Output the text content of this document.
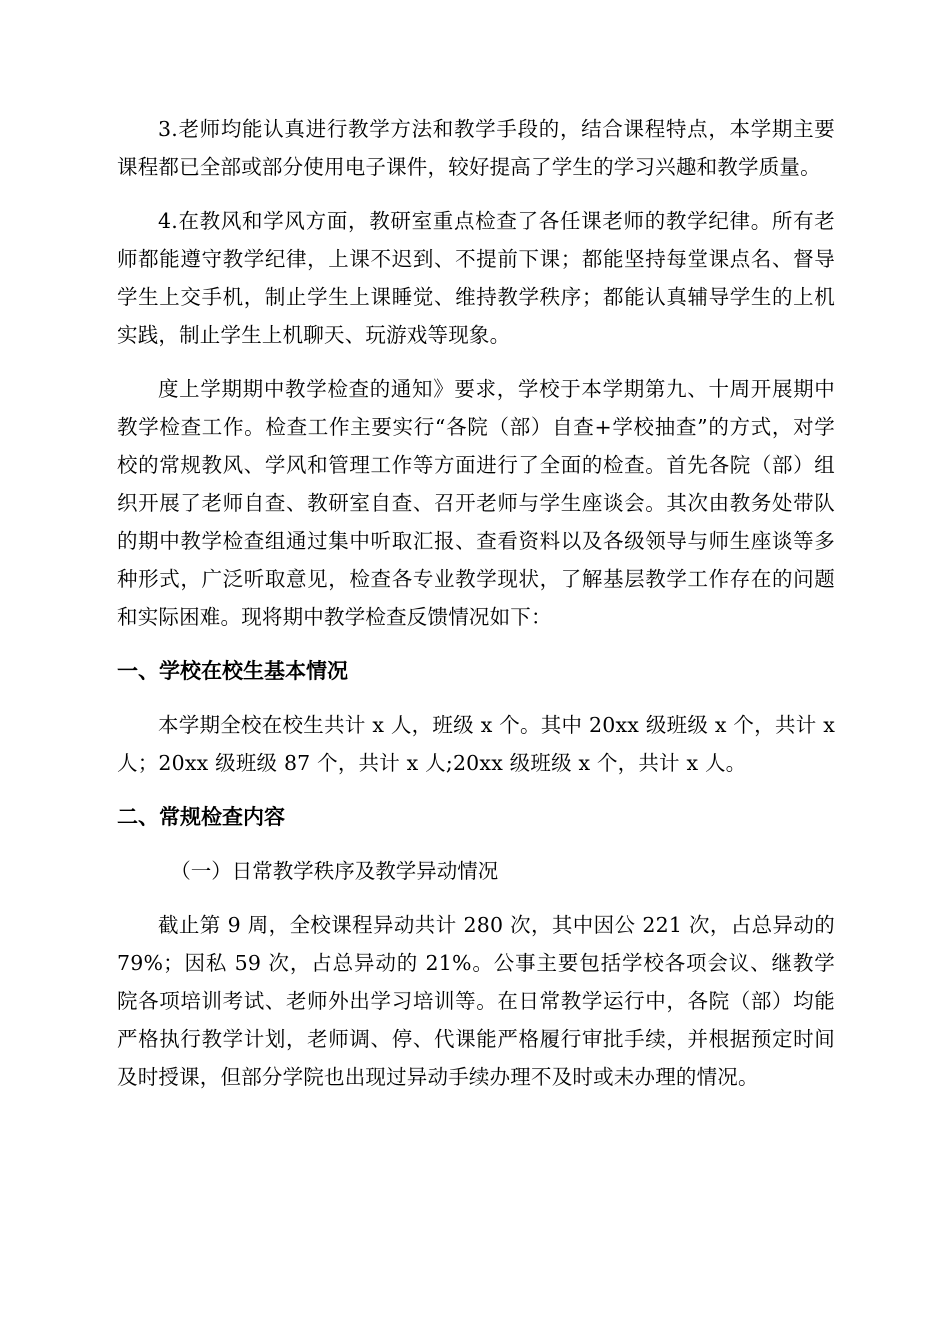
3.老师均能认真进行教学方法和教学手段的，结合课程特点，本学期主要课程都已全部或部分使用电子课件，较好提高了学生的学习兴趣和教学质量。

4.在教风和学风方面，教研室重点检查了各任课老师的教学纪律。所有老师都能遵守教学纪律，上课不迟到、不提前下课；都能坚持每堂课点名、督导学生上交手机，制止学生上课睡觉、维持教学秩序；都能认真辅导学生的上机实践，制止学生上机聊天、玩游戏等现象。

度上学期期中教学检查的通知》要求，学校于本学期第九、十周开展期中教学检查工作。检查工作主要实行“各院（部）自查+学校抽查”的方式，对学校的常规教风、学风和管理工作等方面进行了全面的检查。首先各院（部）组织开展了老师自查、教研室自查、召开老师与学生座谈会。其次由教务处带队的期中教学检查组通过集中听取汇报、查看资料以及各级领导与师生座谈等多种形式，广泛听取意见，检查各专业教学现状，了解基层教学工作存在的问题和实际困难。现将期中教学检查反馈情况如下：

一、学校在校生基本情况

本学期全校在校生共计 x 人，班级 x 个。其中 20xx 级班级 x 个，共计 x 人；20xx 级班级 87 个，共计 x 人;20xx 级班级 x 个，共计 x 人。

二、常规检查内容
（一）日常教学秩序及教学异动情况

截止第 9 周，全校课程异动共计 280 次，其中因公 221 次，占总异动的 79%；因私 59 次，占总异动的 21%。公事主要包括学校各项会议、继教学院各项培训考试、老师外出学习培训等。在日常教学运行中，各院（部）均能严格执行教学计划，老师调、停、代课能严格履行审批手续，并根据预定时间及时授课，但部分学院也出现过异动手续办理不及时或未办理的情况。
